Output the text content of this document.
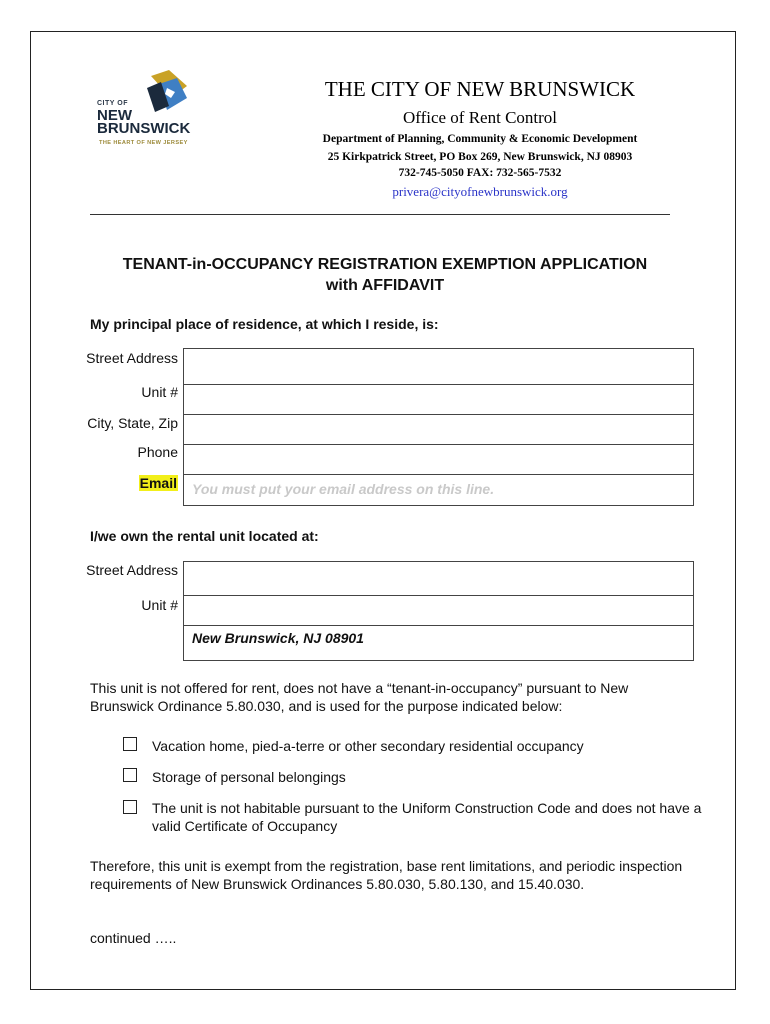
CITY OF
NEW
BRUNSWICK
THE HEART OF NEW JERSEY
THE CITY OF NEW BRUNSWICK
Office of Rent Control
Department of Planning, Community & Economic Development
25 Kirkpatrick Street, PO Box 269, New Brunswick, NJ 08903
732-745-5050 FAX: 732-565-7532
privera@cityofnewbrunswick.org
TENANT-in-OCCUPANCY REGISTRATION EXEMPTION APPLICATION
with AFFIDAVIT
My principal place of residence, at which I reside, is:
Street Address
Unit #
City, State, Zip
Phone
Email You must put your email address on this line.
I/we own the rental unit located at:
Street Address
Unit #
New Brunswick, NJ 08901
This unit is not offered for rent, does not have a “tenant-in-occupancy” pursuant to New Brunswick Ordinance 5.80.030, and is used for the purpose indicated below:
Vacation home, pied-a-terre or other secondary residential occupancy
Storage of personal belongings
The unit is not habitable pursuant to the Uniform Construction Code and does not have a valid Certificate of Occupancy
Therefore, this unit is exempt from the registration, base rent limitations, and periodic inspection requirements of New Brunswick Ordinances 5.80.030, 5.80.130, and 15.40.030.
continued …..
